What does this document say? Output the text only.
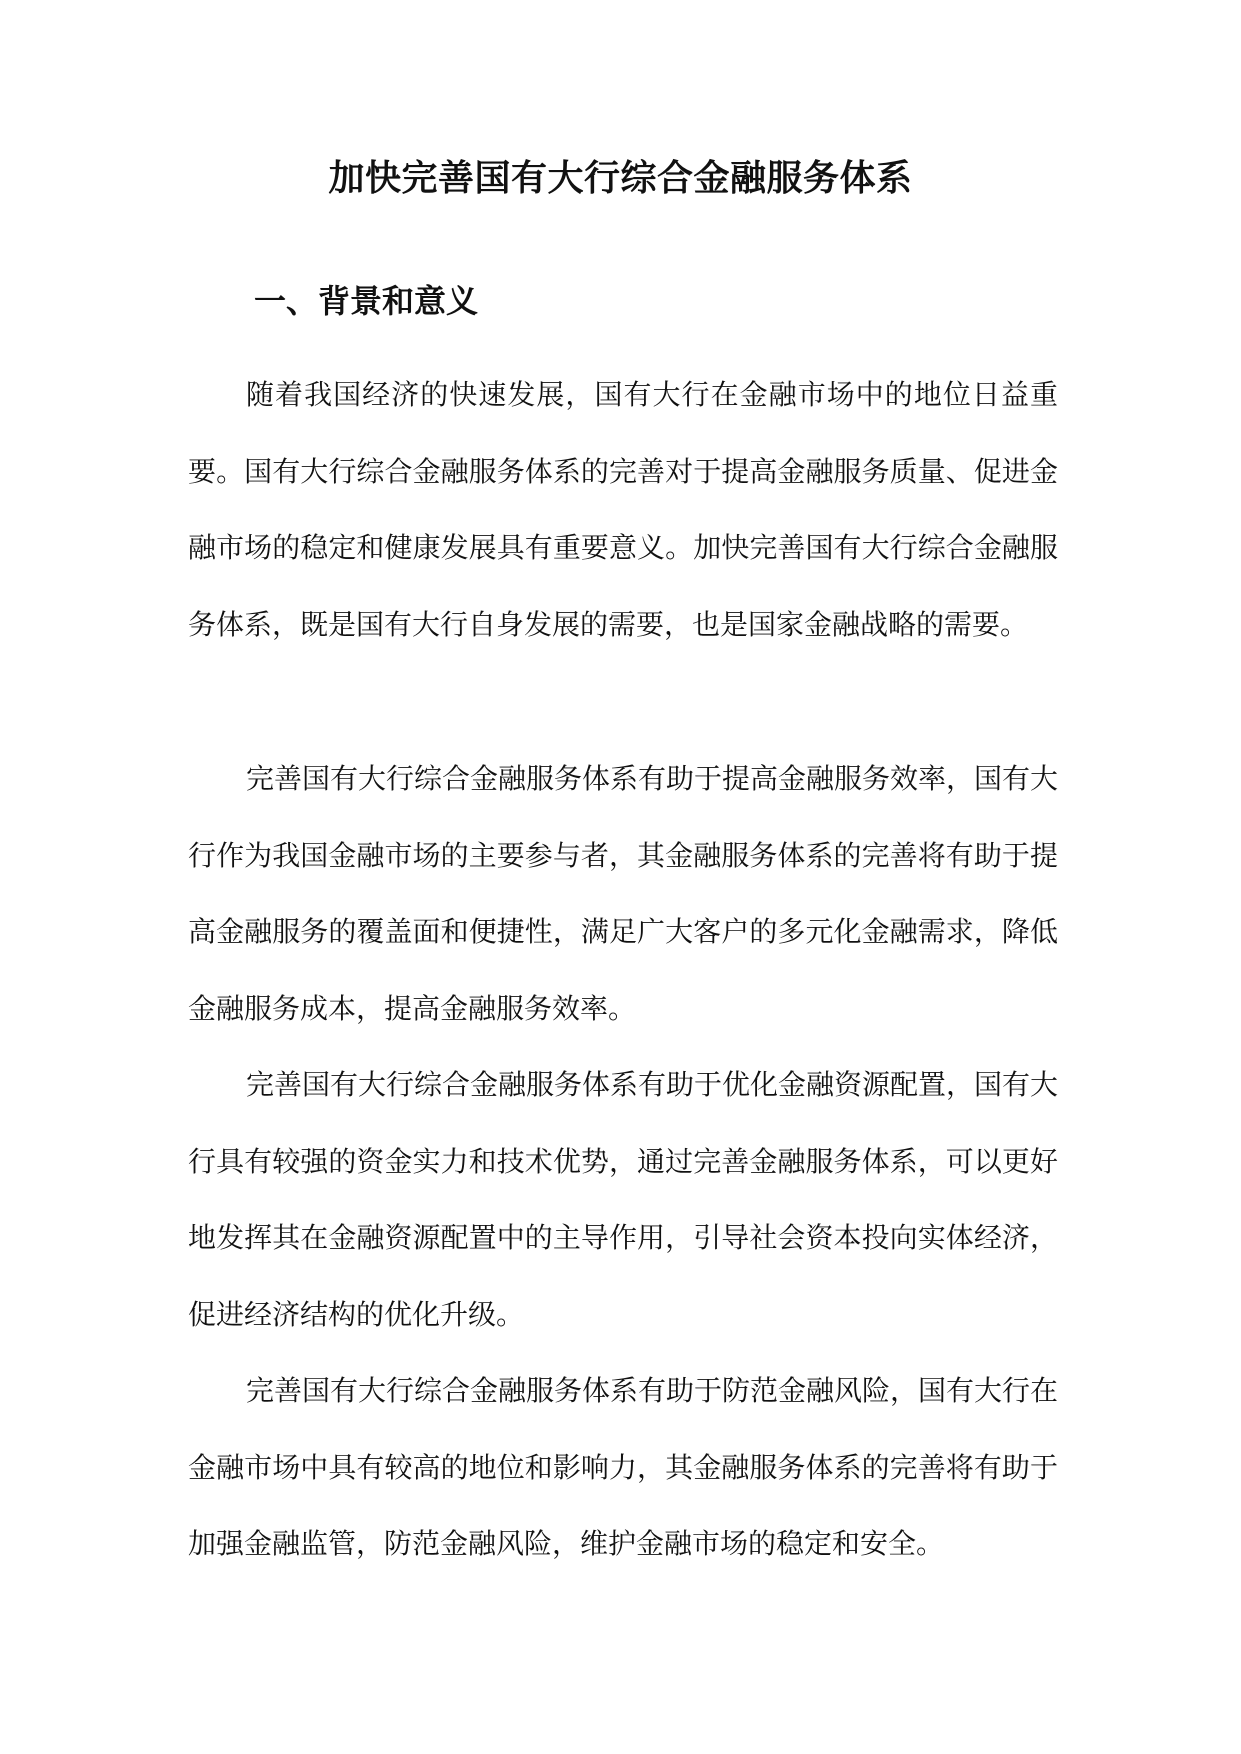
加快完善国有大行综合金融服务体系
一、背景和意义

随着我国经济的快速发展，国有大行在金融市场中的地位日益重要。国有大行综合金融服务体系的完善对于提高金融服务质量、促进金融市场的稳定和健康发展具有重要意义。加快完善国有大行综合金融服务体系，既是国有大行自身发展的需要，也是国家金融战略的需要。

完善国有大行综合金融服务体系有助于提高金融服务效率，国有大行作为我国金融市场的主要参与者，其金融服务体系的完善将有助于提高金融服务的覆盖面和便捷性，满足广大客户的多元化金融需求，降低金融服务成本，提高金融服务效率。

完善国有大行综合金融服务体系有助于优化金融资源配置，国有大行具有较强的资金实力和技术优势，通过完善金融服务体系，可以更好地发挥其在金融资源配置中的主导作用，引导社会资本投向实体经济，促进经济结构的优化升级。

完善国有大行综合金融服务体系有助于防范金融风险，国有大行在金融市场中具有较高的地位和影响力，其金融服务体系的完善将有助于加强金融监管，防范金融风险，维护金融市场的稳定和安全。
